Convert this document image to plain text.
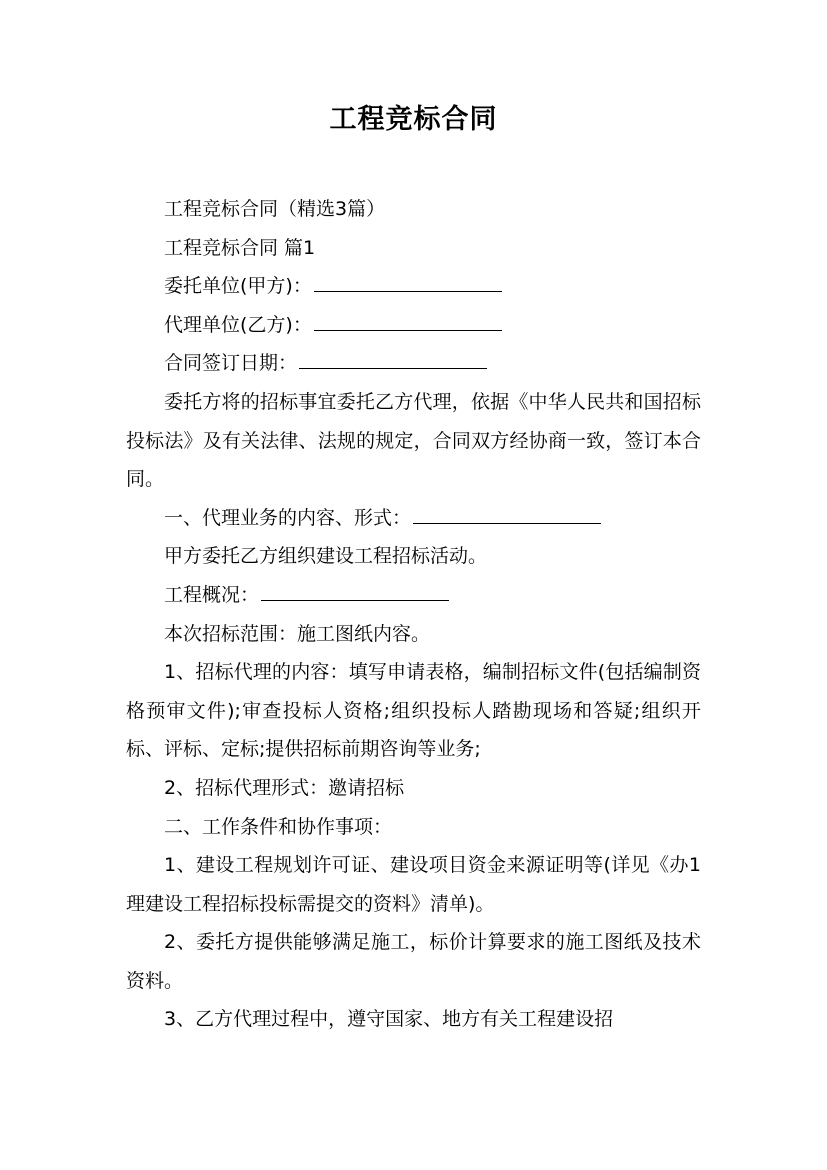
工程竞标合同

工程竞标合同（精选3篇）

工程竞标合同 篇1

委托单位(甲方)：

代理单位(乙方)：

合同签订日期：

委托方将的招标事宜委托乙方代理，依据《中华人民共和国招标投标法》及有关法律、法规的规定，合同双方经协商一致，签订本合同。

一、代理业务的内容、形式：

甲方委托乙方组织建设工程招标活动。

工程概况：

本次招标范围：施工图纸内容。

1、招标代理的内容：填写申请表格，编制招标文件(包括编制资格预审文件);审查投标人资格;组织投标人踏勘现场和答疑;组织开标、评标、定标;提供招标前期咨询等业务;

2、招标代理形式：邀请招标

二、工作条件和协作事项：

1、建设工程规划许可证、建设项目资金来源证明等(详见《办1理建设工程招标投标需提交的资料》清单)。

2、委托方提供能够满足施工，标价计算要求的施工图纸及技术资料。

3、乙方代理过程中，遵守国家、地方有关工程建设招
